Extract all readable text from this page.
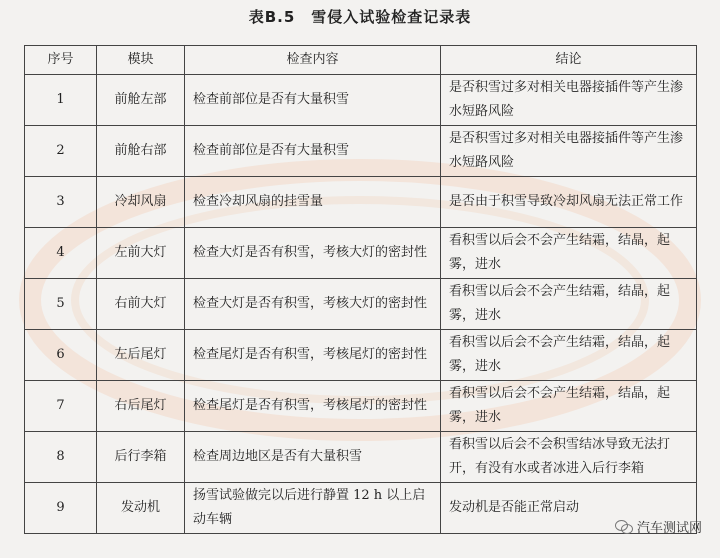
表B.5　雪侵入试验检查记录表
序号	模块	检查内容	结论
1	前舱左部	检查前部位是否有大量积雪	是否积雪过多对相关电器接插件等产生渗水短路风险
2	前舱右部	检查前部位是否有大量积雪	是否积雪过多对相关电器接插件等产生渗水短路风险
3	冷却风扇	检查冷却风扇的挂雪量	是否由于积雪导致冷却风扇无法正常工作
4	左前大灯	检查大灯是否有积雪，考核大灯的密封性	看积雪以后会不会产生结霜，结晶，起雾，进水
5	右前大灯	检查大灯是否有积雪，考核大灯的密封性	看积雪以后会不会产生结霜，结晶，起雾，进水
6	左后尾灯	检查尾灯是否有积雪，考核尾灯的密封性	看积雪以后会不会产生结霜，结晶，起雾，进水
7	右后尾灯	检查尾灯是否有积雪，考核尾灯的密封性	看积雪以后会不会产生结霜，结晶，起雾，进水
8	后行李箱	检查周边地区是否有大量积雪	看积雪以后会不会积雪结冰导致无法打开，有没有水或者冰进入后行李箱
9	发动机	扬雪试验做完以后进行静置 12 h 以上启动车辆	发动机是否能正常启动
汽车测试网
